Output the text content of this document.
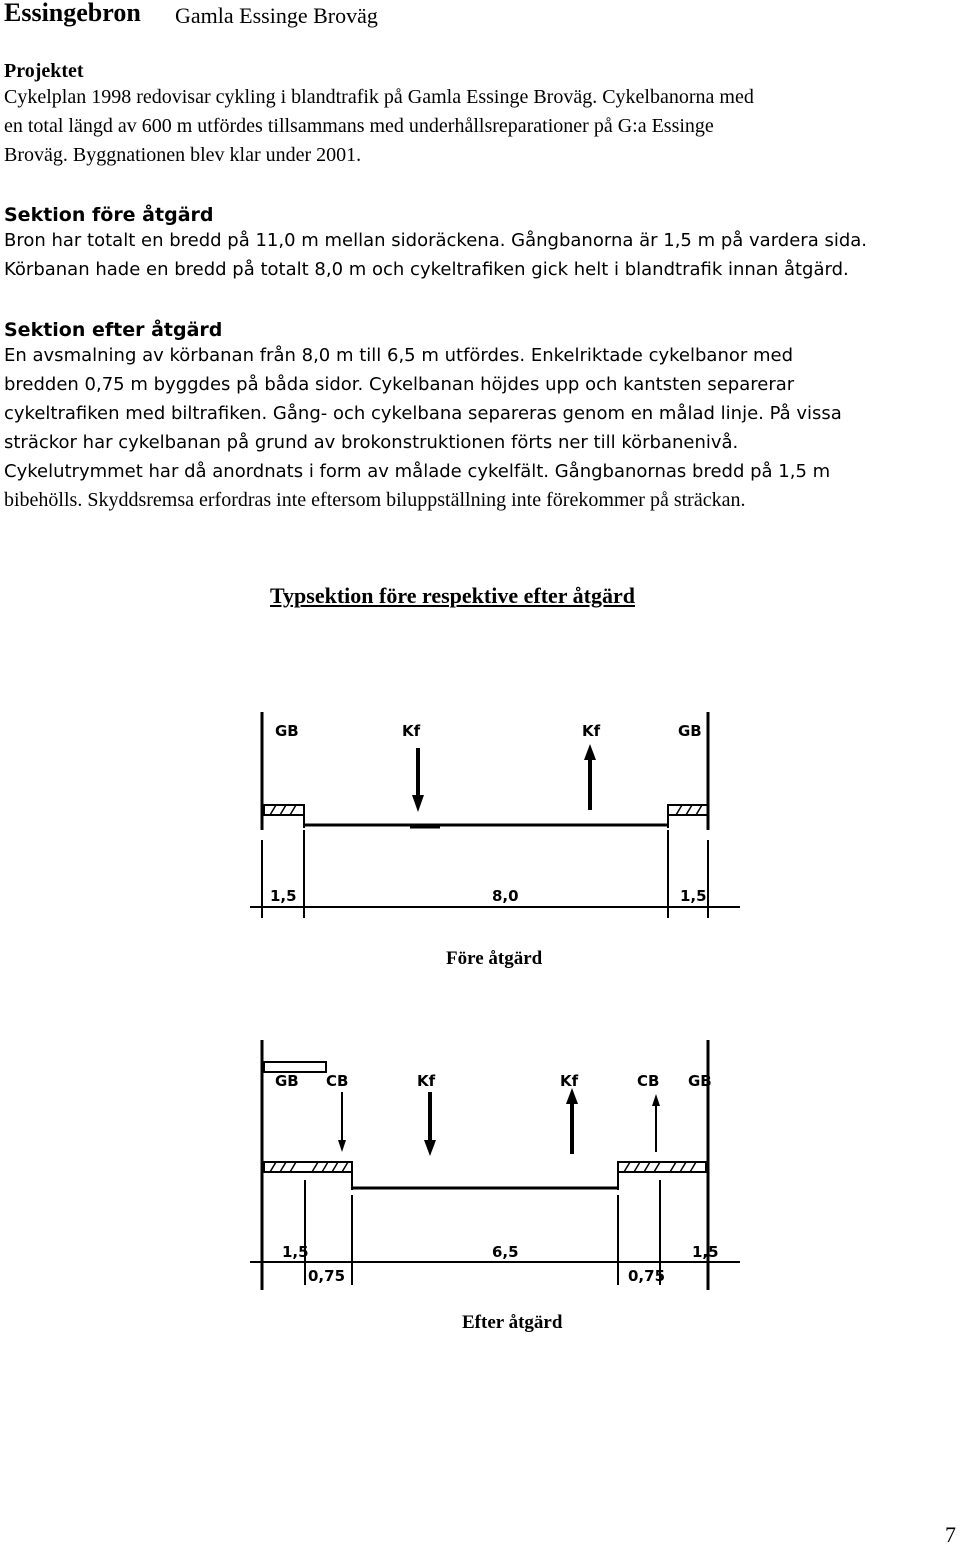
Essingebron Gamla Essinge Broväg

Projektet

Cykelplan 1998 redovisar cykling i blandtrafik på Gamla Essinge Broväg. Cykelbanorna med

en total längd av 600 m utfördes tillsammans med underhållsreparationer på G:a Essinge

Broväg. Byggnationen blev klar under 2001.

Sektion före åtgärd

Bron har totalt en bredd på 11,0 m mellan sidoräckena. Gångbanorna är 1,5 m på vardera sida.

Körbanan hade en bredd på totalt 8,0 m och cykeltrafiken gick helt i blandtrafik innan åtgärd.

Sektion efter åtgärd

En avsmalning av körbanan från 8,0 m till 6,5 m utfördes. Enkelriktade cykelbanor med

bredden 0,75 m byggdes på båda sidor. Cykelbanan höjdes upp och kantsten separerar

cykeltrafiken med biltrafiken. Gång- och cykelbana separeras genom en målad linje. På vissa

sträckor har cykelbanan på grund av brokonstruktionen förts ner till körbanenivå.

Cykelutrymmet har då anordnats i form av målade cykelfält. Gångbanornas bredd på 1,5 m

bibehölls. Skyddsremsa erfordras inte eftersom biluppställning inte förekommer på sträckan.

Typsektion före respektive efter åtgärd
GB	Kf	Kf	GB
1,5	8,0	1,5
Före åtgärd
GB CB	Kf	Kf	CB GB
1,5	6,5	1,5
0,75	0,75
Efter åtgärd
7
